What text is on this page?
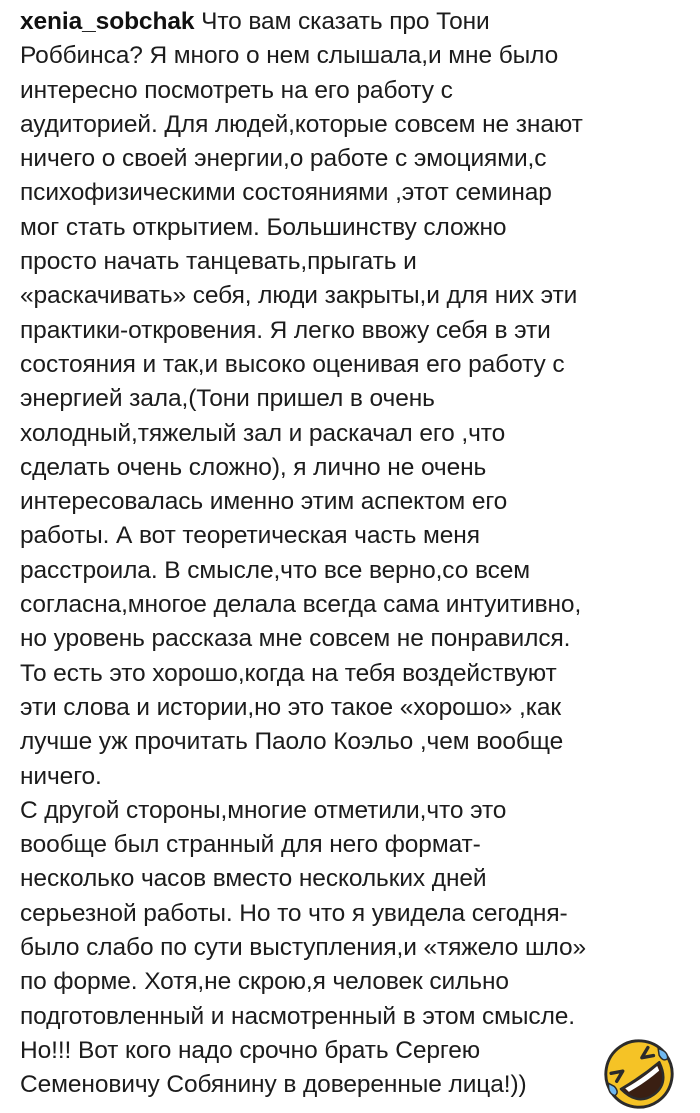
xenia_sobchak Что вам сказать про Тони
Роббинса? Я много о нем слышала,и мне было
интересно посмотреть на его работу с
аудиторией. Для людей,которые совсем не знают
ничего о своей энергии,о работе с эмоциями,с
психофизическими состояниями ,этот семинар
мог стать открытием. Большинству сложно
просто начать танцевать,прыгать и
«раскачивать» себя, люди закрыты,и для них эти
практики-откровения. Я легко ввожу себя в эти
состояния и так,и высоко оценивая его работу с
энергией зала,(Тони пришел в очень
холодный,тяжелый зал и раскачал его ,что
сделать очень сложно), я лично не очень
интересовалась именно этим аспектом его
работы. А вот теоретическая часть меня
расстроила. В смысле,что все верно,со всем
согласна,многое делала всегда сама интуитивно,
но уровень рассказа мне совсем не понравился.
То есть это хорошо,когда на тебя воздействуют
эти слова и истории,но это такое «хорошо» ,как
лучше уж прочитать Паоло Коэльо ,чем вообще
ничего.
С другой стороны,многие отметили,что это
вообще был странный для него формат-
несколько часов вместо нескольких дней
серьезной работы. Но то что я увидела сегодня-
было слабо по сути выступления,и «тяжело шло»
по форме. Хотя,не скрою,я человек сильно
подготовленный и насмотренный в этом смысле.
Но!!! Вот кого надо срочно брать Сергею
Семеновичу Собянину в доверенные лица!))
